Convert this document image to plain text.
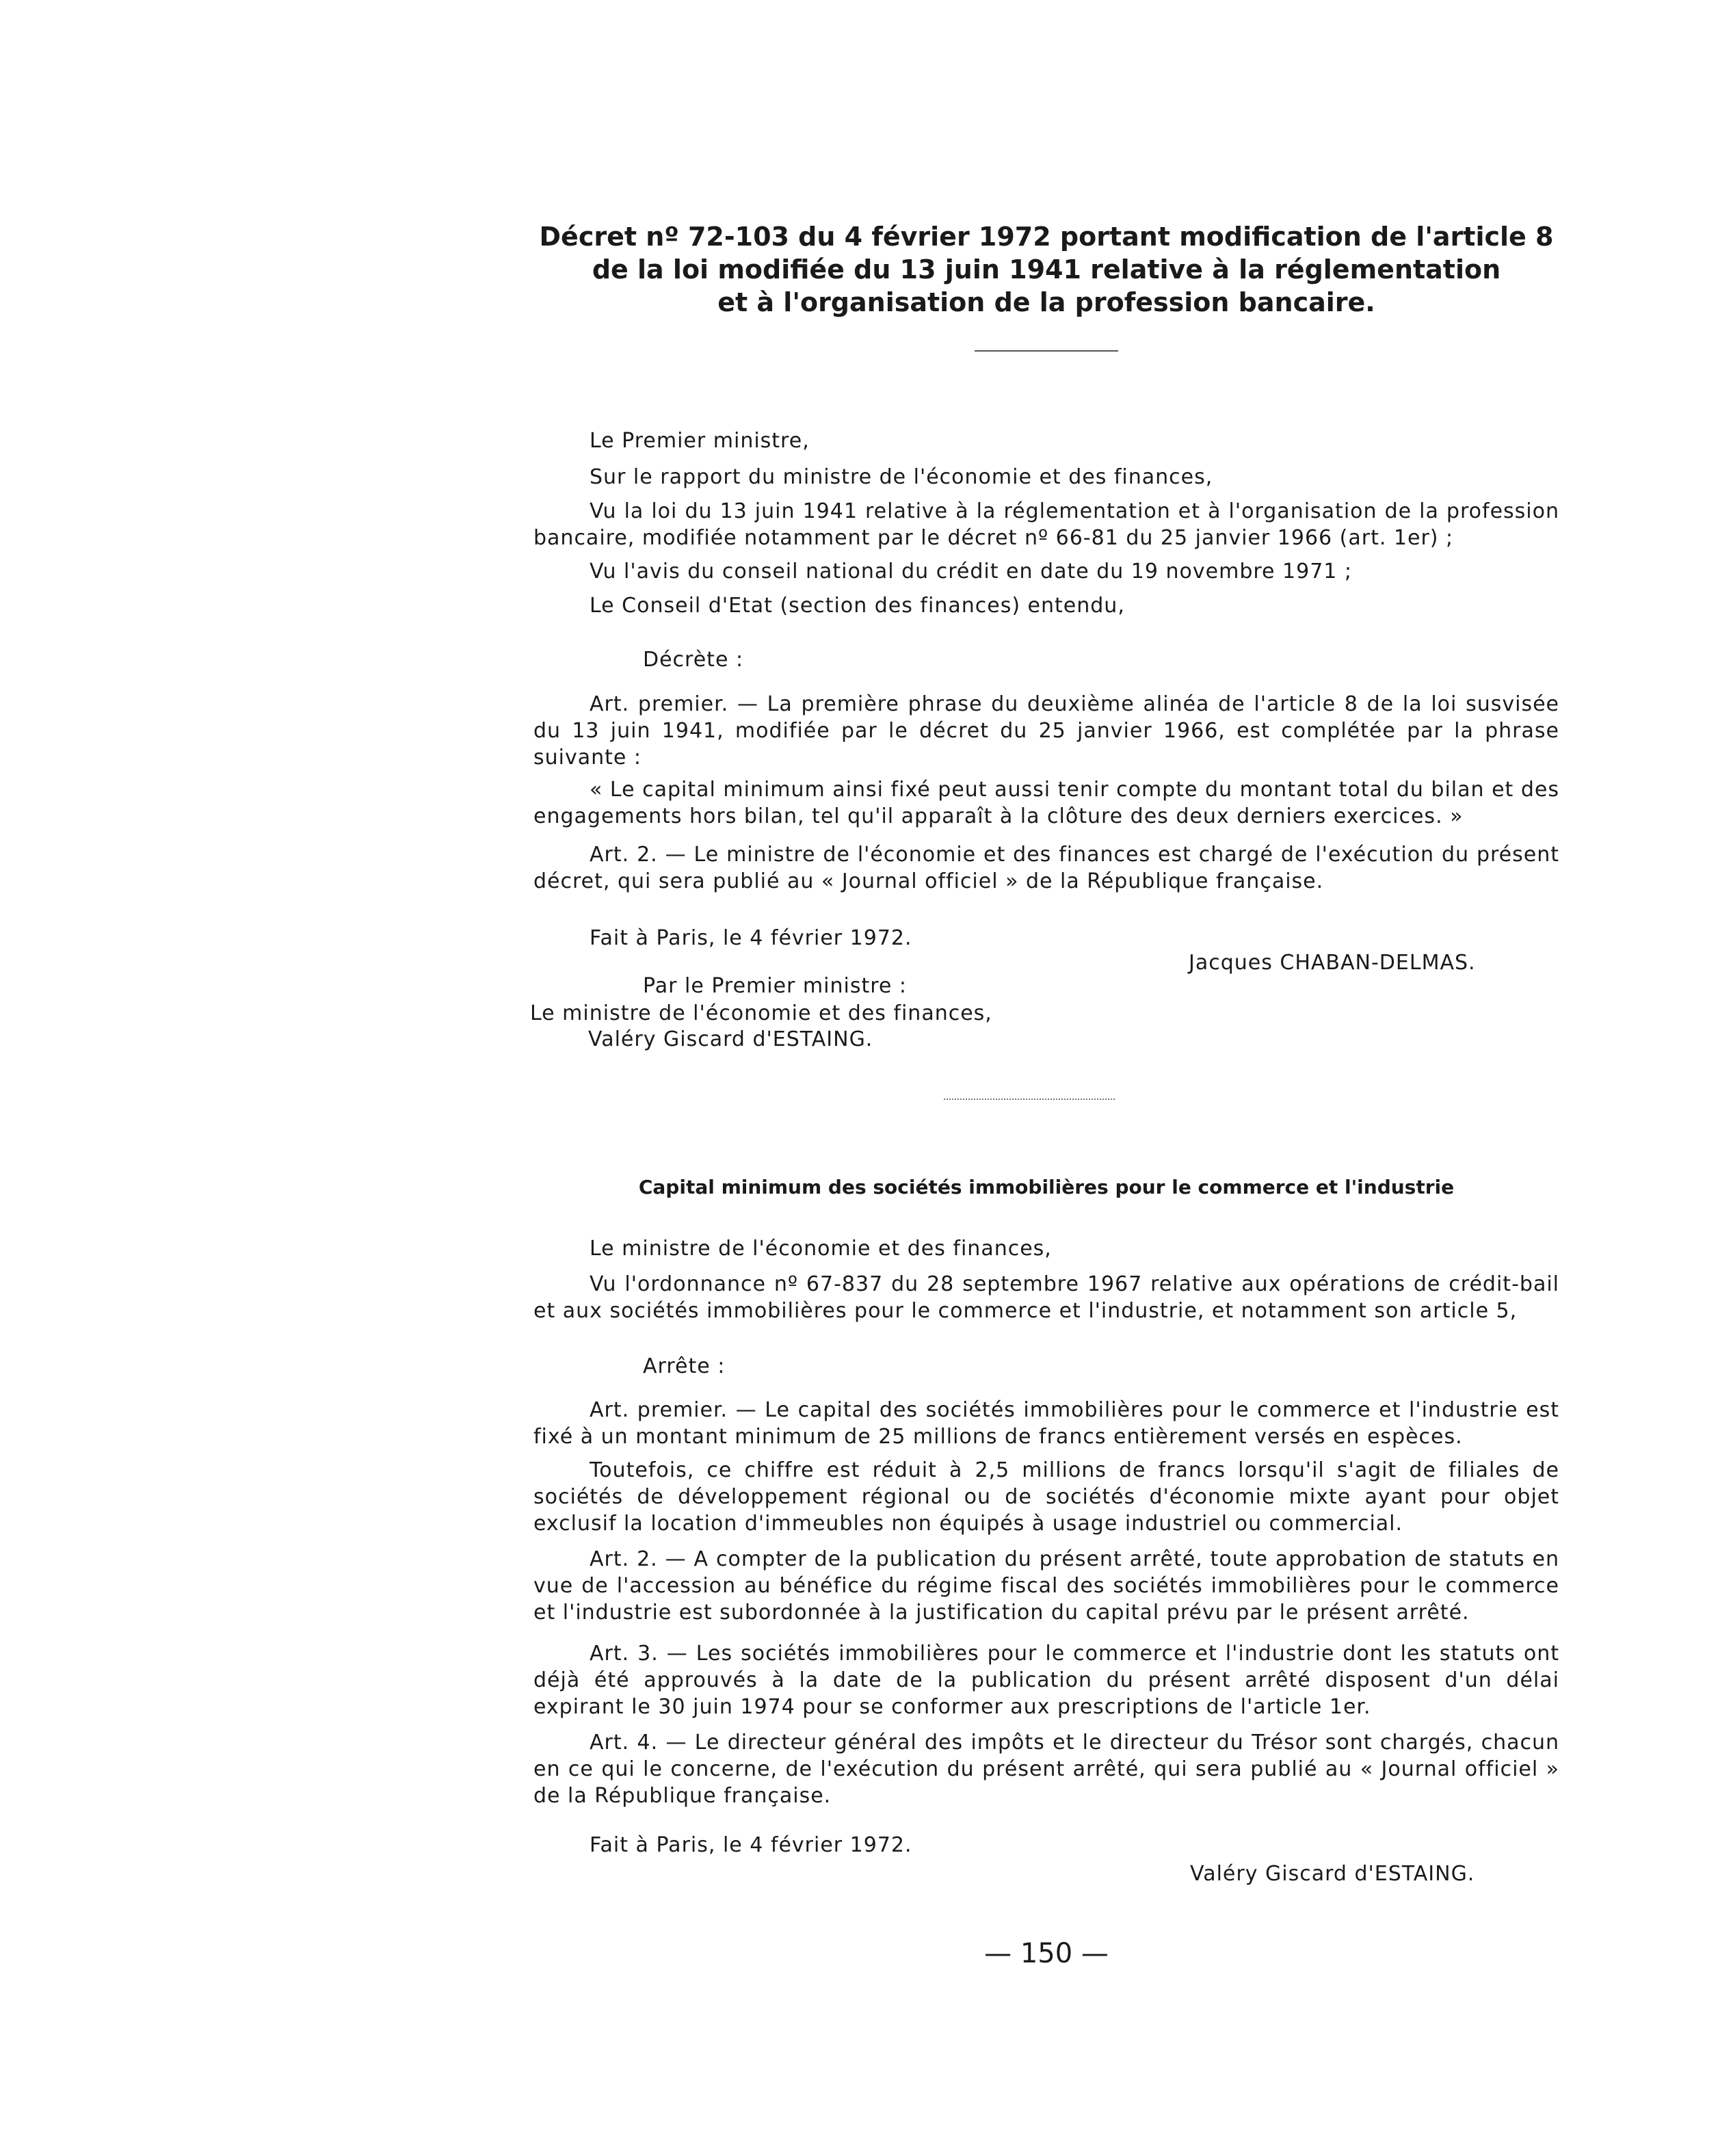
Décret nº 72-103 du 4 février 1972 portant modification de l'article 8
de la loi modifiée du 13 juin 1941 relative à la réglementation
et à l'organisation de la profession bancaire.
Le Premier ministre,
Sur le rapport du ministre de l'économie et des finances,
Vu la loi du 13 juin 1941 relative à la réglementation et à l'organisation de la profession bancaire, modifiée notamment par le décret nº 66-81 du 25 janvier 1966 (art. 1er) ;
Vu l'avis du conseil national du crédit en date du 19 novembre 1971 ;
Le Conseil d'Etat (section des finances) entendu,
Décrète :
Art. premier. — La première phrase du deuxième alinéa de l'article 8 de la loi susvisée du 13 juin 1941, modifiée par le décret du 25 janvier 1966, est complétée par la phrase suivante :
« Le capital minimum ainsi fixé peut aussi tenir compte du montant total du bilan et des engagements hors bilan, tel qu'il apparaît à la clôture des deux derniers exercices. »
Art. 2. — Le ministre de l'économie et des finances est chargé de l'exécution du présent décret, qui sera publié au « Journal officiel » de la République française.
Fait à Paris, le 4 février 1972.
Jacques CHABAN-DELMAS.
Par le Premier ministre :
Le ministre de l'économie et des finances,
Valéry Giscard d'ESTAING.
Capital minimum des sociétés immobilières pour le commerce et l'industrie
Le ministre de l'économie et des finances,
Vu l'ordonnance nº 67-837 du 28 septembre 1967 relative aux opérations de crédit-bail et aux sociétés immobilières pour le commerce et l'industrie, et notamment son article 5,
Arrête :
Art. premier. — Le capital des sociétés immobilières pour le commerce et l'industrie est fixé à un montant minimum de 25 millions de francs entièrement versés en espèces.
Toutefois, ce chiffre est réduit à 2,5 millions de francs lorsqu'il s'agit de filiales de sociétés de développement régional ou de sociétés d'économie mixte ayant pour objet exclusif la location d'immeubles non équipés à usage industriel ou commercial.
Art. 2. — A compter de la publication du présent arrêté, toute approbation de statuts en vue de l'accession au bénéfice du régime fiscal des sociétés immobilières pour le commerce et l'industrie est subordonnée à la justification du capital prévu par le présent arrêté.
Art. 3. — Les sociétés immobilières pour le commerce et l'industrie dont les statuts ont déjà été approuvés à la date de la publication du présent arrêté disposent d'un délai expirant le 30 juin 1974 pour se conformer aux prescriptions de l'article 1er.
Art. 4. — Le directeur général des impôts et le directeur du Trésor sont chargés, chacun en ce qui le concerne, de l'exécution du présent arrêté, qui sera publié au « Journal officiel » de la République française.
Fait à Paris, le 4 février 1972.
Valéry Giscard d'ESTAING.
— 150 —
